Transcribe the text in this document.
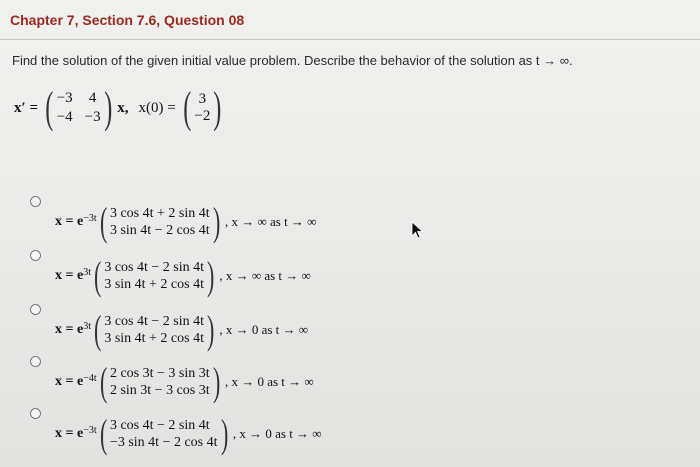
Chapter 7, Section 7.6, Question 08
Find the solution of the given initial value problem. Describe the behavior of the solution as t → ∞.
x′ = ( −3 4
−4 −3 ) x, x(0) = ( 3
−2 )
x = e −3t ( 3 cos 4t + 2 sin 4t
3 sin 4t − 2 cos 4t ) , x → ∞ as t → ∞
x = e 3t ( 3 cos 4t − 2 sin 4t
3 sin 4t + 2 cos 4t ) , x → ∞ as t → ∞
x = e 3t ( 3 cos 4t − 2 sin 4t
3 sin 4t + 2 cos 4t ) , x → 0 as t → ∞
x = e −4t ( 2 cos 3t − 3 sin 3t
2 sin 3t − 3 cos 3t ) , x → 0 as t → ∞
x = e −3t ( 3 cos 4t − 2 sin 4t
−3 sin 4t − 2 cos 4t ) , x → 0 as t → ∞
